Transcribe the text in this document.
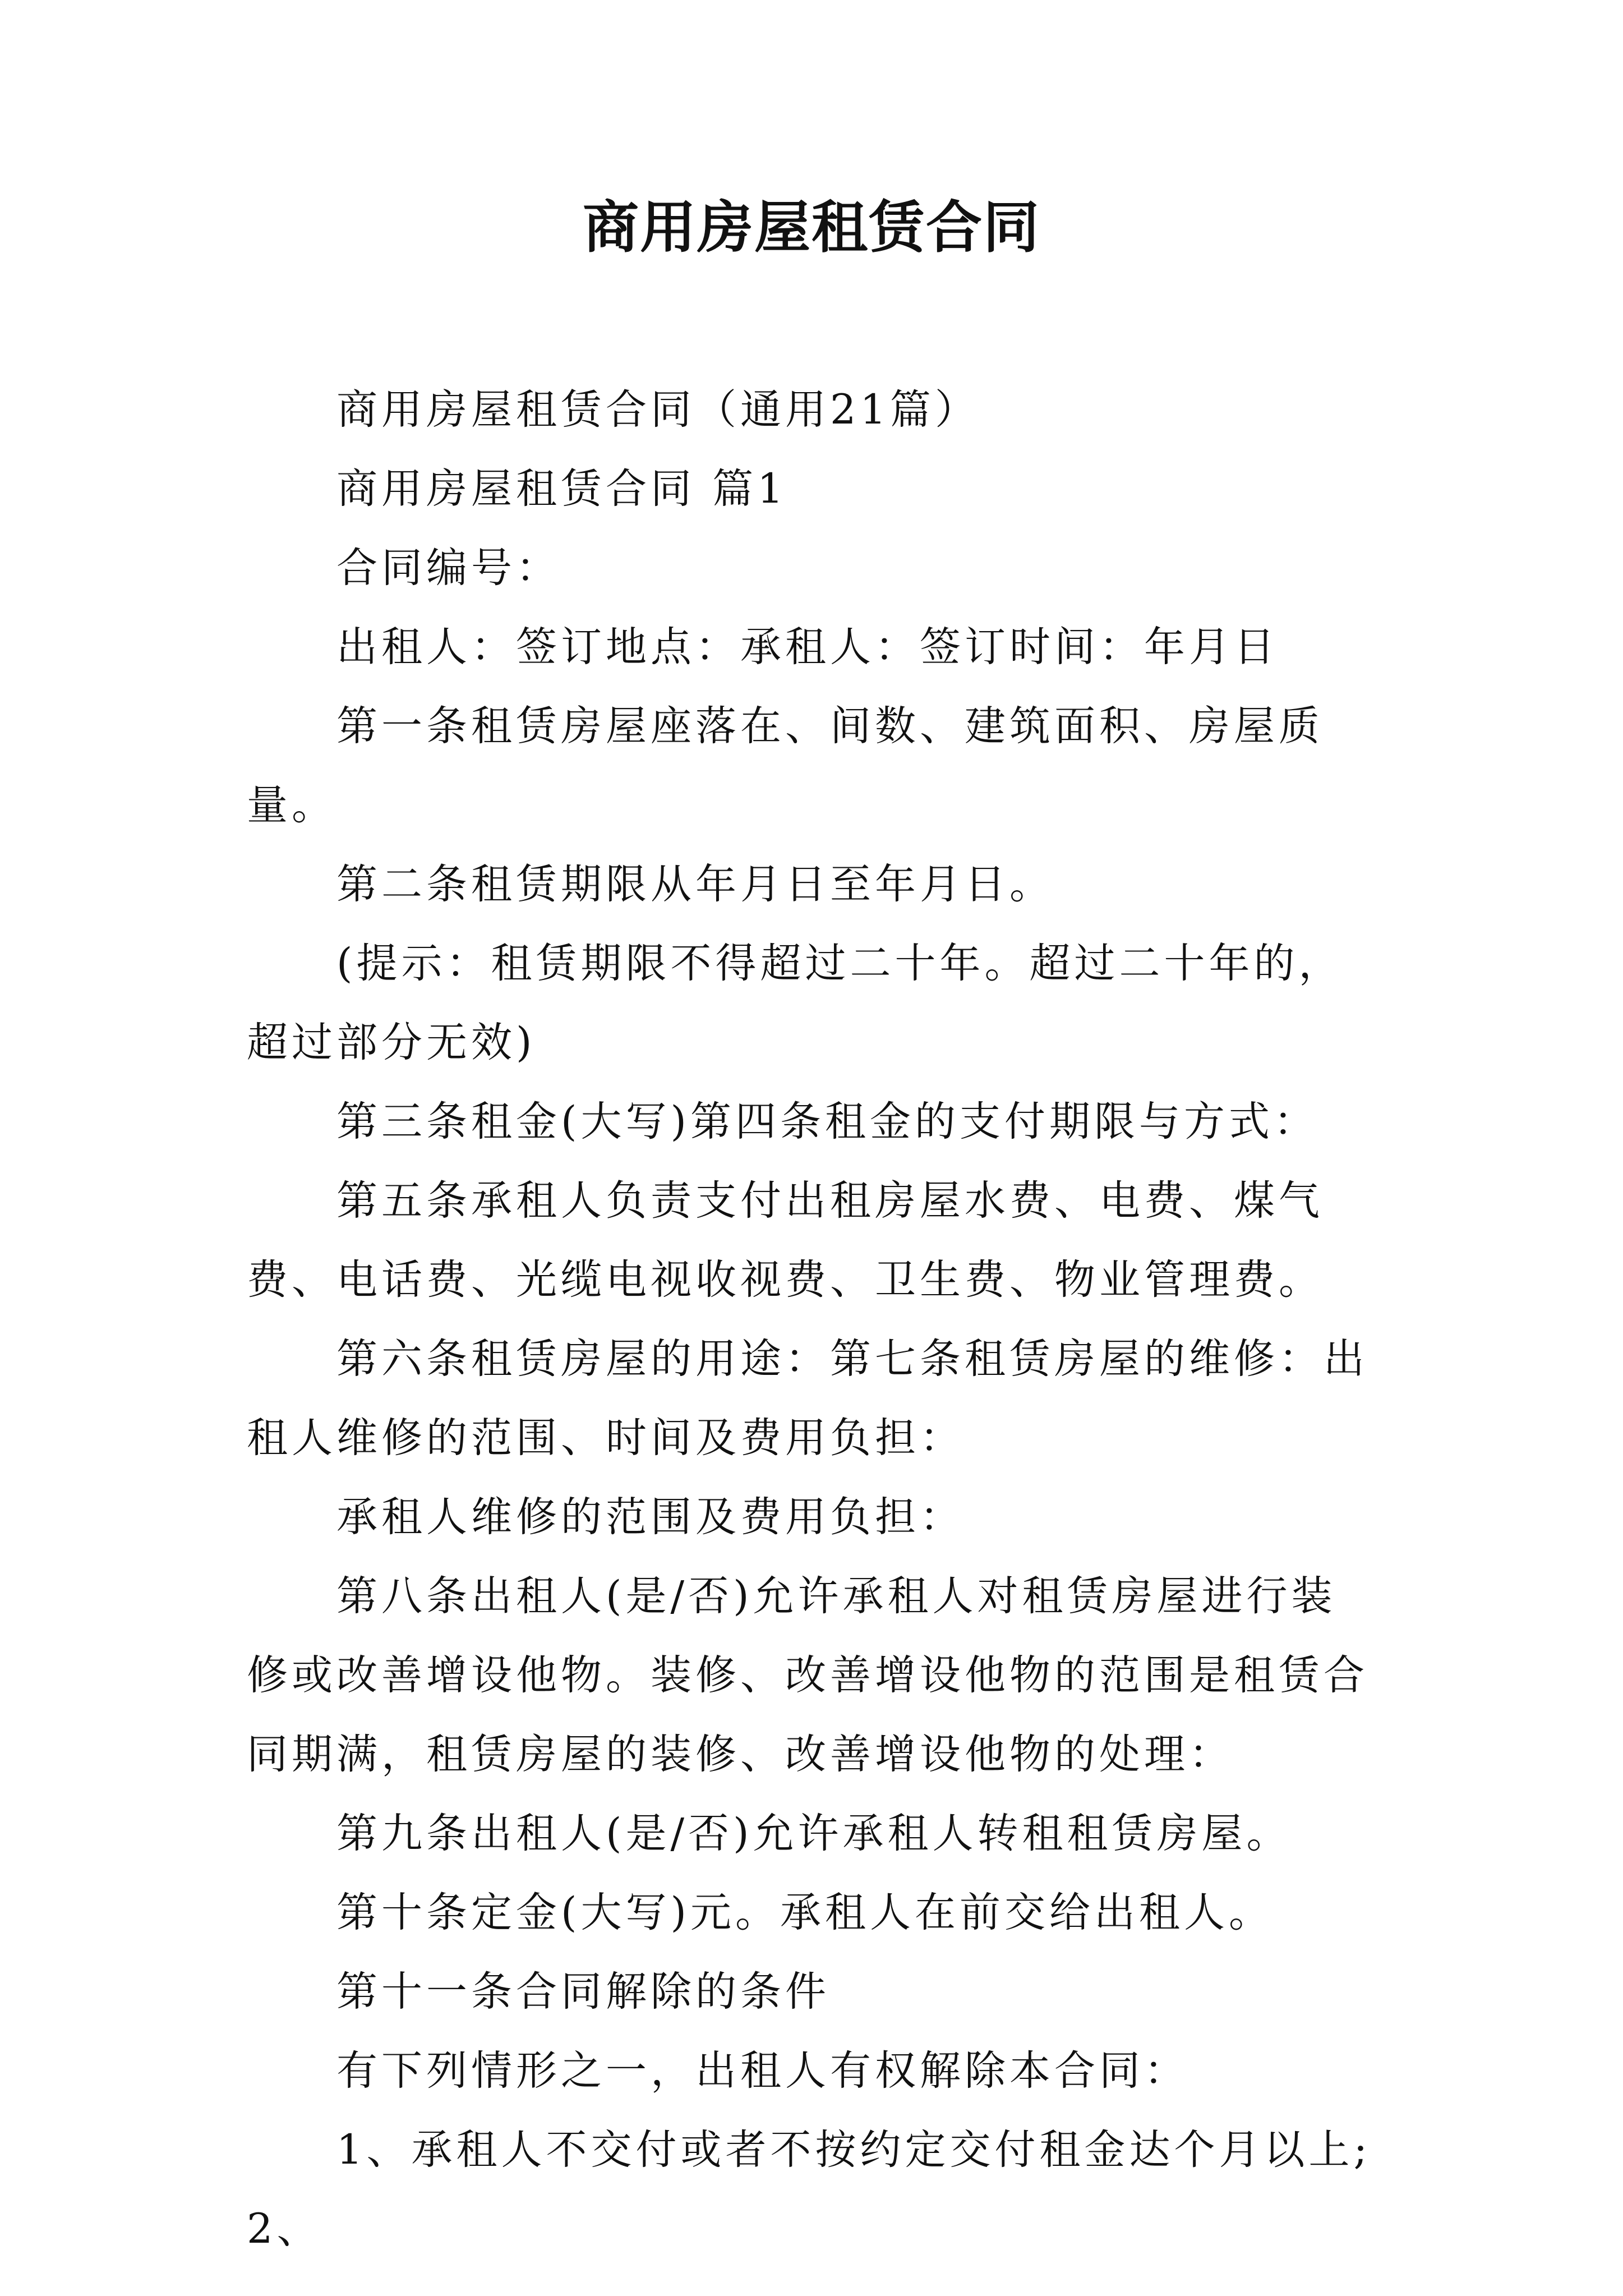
商用房屋租赁合同

商用房屋租赁合同（通用21篇）

商用房屋租赁合同 篇1

合同编号：

出租人：签订地点：承租人：签订时间：年月日

第一条租赁房屋座落在、间数、建筑面积、房屋质量。

第二条租赁期限从年月日至年月日。

(提示：租赁期限不得超过二十年。超过二十年的，超过部分无效)

第三条租金(大写)第四条租金的支付期限与方式：

第五条承租人负责支付出租房屋水费、电费、煤气费、电话费、光缆电视收视费、卫生费、物业管理费。

第六条租赁房屋的用途：第七条租赁房屋的维修：出租人维修的范围、时间及费用负担：

承租人维修的范围及费用负担：

第八条出租人(是/否)允许承租人对租赁房屋进行装修或改善增设他物。装修、改善增设他物的范围是租赁合同期满，租赁房屋的装修、改善增设他物的处理：

第九条出租人(是/否)允许承租人转租租赁房屋。

第十条定金(大写)元。承租人在前交给出租人。

第十一条合同解除的条件

有下列情形之一，出租人有权解除本合同：

1、承租人不交付或者不按约定交付租金达个月以上;2、
